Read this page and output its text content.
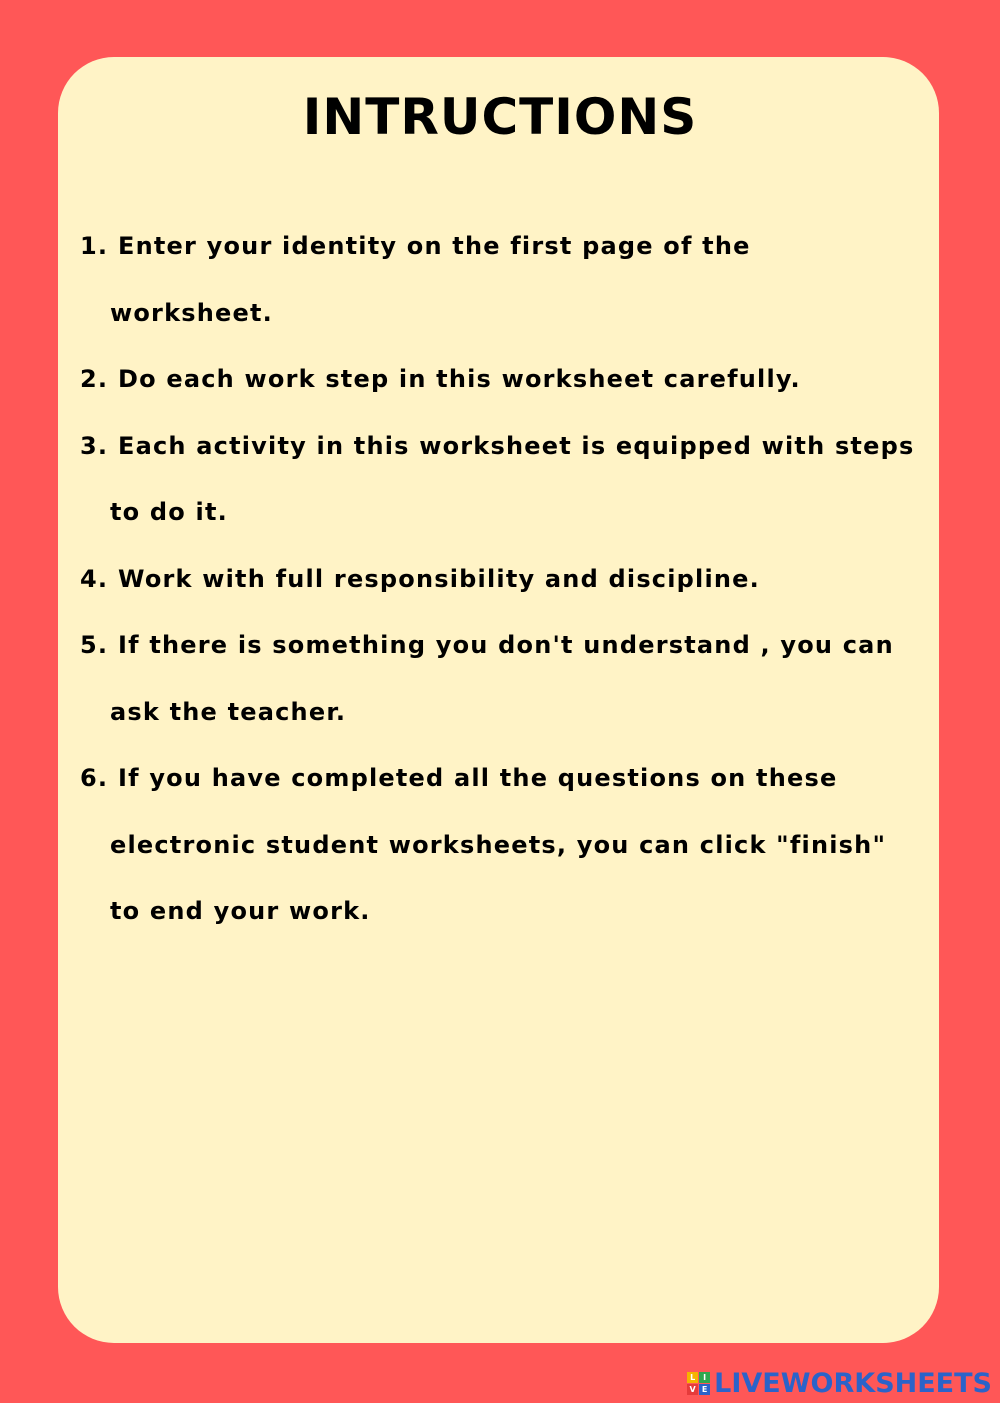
INTRUCTIONS
1. Enter your identity on the first page of the
worksheet.
2. Do each work step in this worksheet carefully.
3. Each activity in this worksheet is equipped with steps
to do it.
4. Work with full responsibility and discipline.
5. If there is something you don't understand , you can
ask the teacher.
6. If you have completed all the questions on these
electronic student worksheets, you can click "finish"
to end your work.
L I
V E LIVEWORKSHEETS
